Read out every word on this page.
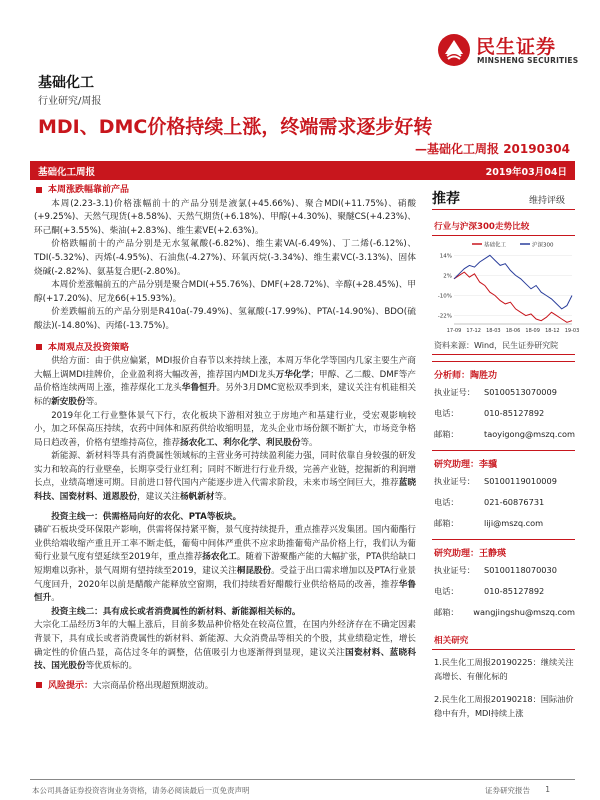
民生证券
MINSHENG SECURITIES
基础化工
行业研究/周报
MDI、DMC价格持续上涨，终端需求逐步好转
—基础化工周报 20190304
基础化工周报	2019年03月04日
本周涨跌幅靠前产品

本周(2.23-3.1)价格涨幅前十的产品分别是液氯(+45.66%)、聚合MDI(+11.75%)、硝酸(+9.25%)、天然气现货(+8.58%)、天然气期货(+6.18%)、甲醇(+4.30%)、聚醚CS(+4.23%)、环己酮(+3.55%)、柴油(+2.83%)、维生素VE(+2.63%)。

价格跌幅前十的产品分别是无水氢氟酸(-6.82%)、维生素VA(-6.49%)、丁二烯(-6.12%)、TDI(-5.32%)、丙烯(-4.95%)、石油焦(-4.27%)、环氧丙烷(-3.34%)、维生素VC(-3.13%)、固体烧碱(-2.82%)、氨基复合肥(-2.80%)。

本周价差涨幅前五的产品分别是聚合MDI(+55.76%)、DMF(+28.72%)、辛醇(+28.45%)、甲醇(+17.20%)、尼龙66(+15.93%)。

价差跌幅前五的产品分别是R410a(-79.49%)、氢氟酸(-17.99%)、PTA(-14.90%)、BDO(硫酸法)(-14.80%)、丙烯(-13.75%)。

本周观点及投资策略

供给方面：由于供应偏紧，MDI报价自春节以来持续上涨，本周万华化学等国内几家主要生产商大幅上调MDI挂牌价，企业盈利将大幅改善，推荐国内MDI龙头万华化学；甲醇、乙二酸、DMF等产品价格连续两周上涨，推荐煤化工龙头华鲁恒升。另外3月DMC宽松双季到来，建议关注有机硅相关标的新安股份等。

2019年化工行业整体景气下行，农化板块下游相对独立于房地产和基建行业，受宏观影响较小，加之环保高压持续，农药中间体和原药供给收缩明显，龙头企业市场份额不断扩大，市场竞争格局日趋改善，价格有望维持高位，推荐扬农化工、利尔化学、利民股份等。

新能源、新材料等具有消费属性领域标的主营业务可持续盈利能力强，同时依靠自身较强的研发实力和较高的行业壁垒，长期享受行业红利；同时不断进行行业升级，完善产业链，挖掘新的利润增长点，业绩高增速可期。目前进口替代国内产能逐步进入代需求阶段，未来市场空间巨大，推荐蓝晓科技、国瓷材料、道恩股份，建议关注杨帆新材等。

投资主线一：供需格局向好的农化、PTA等板块。

磷矿石板块受环保限产影响，供需将保持紧平衡，景气度持续提升，重点推荐兴发集团。国内葡酯行业供给端收缩产重且开工率不断走低，葡萄中间体严重供不应求助推葡萄产品价格上行，我们认为葡萄行业景气度有望延续至2019年，重点推荐扬农化工。随着下游聚酯产能的大幅扩张，PTA供给缺口短期难以弥补，景气周期有望持续至2019，建议关注桐昆股份。受益于出口需求增加以及PTA行业景气度回升，2020年以前是醋酸产能释放空窗期，我们持续看好醋酸行业供给格局的改善，推荐华鲁恒升。

投资主线二：具有成长或者消费属性的新材料、新能源相关标的。

大宗化工品经历3年的大幅上涨后，目前多数品种价格处在较高位置，在国内外经济存在不确定因素背景下，具有成长或者消费属性的新材料、新能源、大众消费品等相关的个股，其业绩稳定性，增长确定性的价值凸显，高估过冬年的调整，估值吸引力也逐渐得到显现，建议关注国瓷材料、蓝晓科技、国光股份等优质标的。

风险提示：大宗商品价格出现超预期波动。
推荐	维持评级
行业与沪深300走势比较
基础化工	沪深300
14%
2%
-10%
-22%
17-09 17-12 18-03 18-06 18-09 18-12 19-03
资料来源：Wind，民生证券研究院
分析师：陶胜功
执业证号：	S0100513070009
电话：	010-85127892
邮箱：	taoyigong@mszq.com
研究助理：李骥
执业证号：	S0100119010009
电话：	021-60876731
邮箱：	liji@mszq.com
研究助理：王静瑛
执业证号：	S0100118070030
电话：	010-85127892
邮箱：	wangjingshu@mszq.com
相关研究

1.民生化工周报20190225：继续关注高增长、有催化标的

2.民生化工周报20190218：国际油价稳中有升，MDI持续上涨

本公司具备证券投资咨询业务资格，请务必阅读最后一页免责声明	证券研究报告 1
